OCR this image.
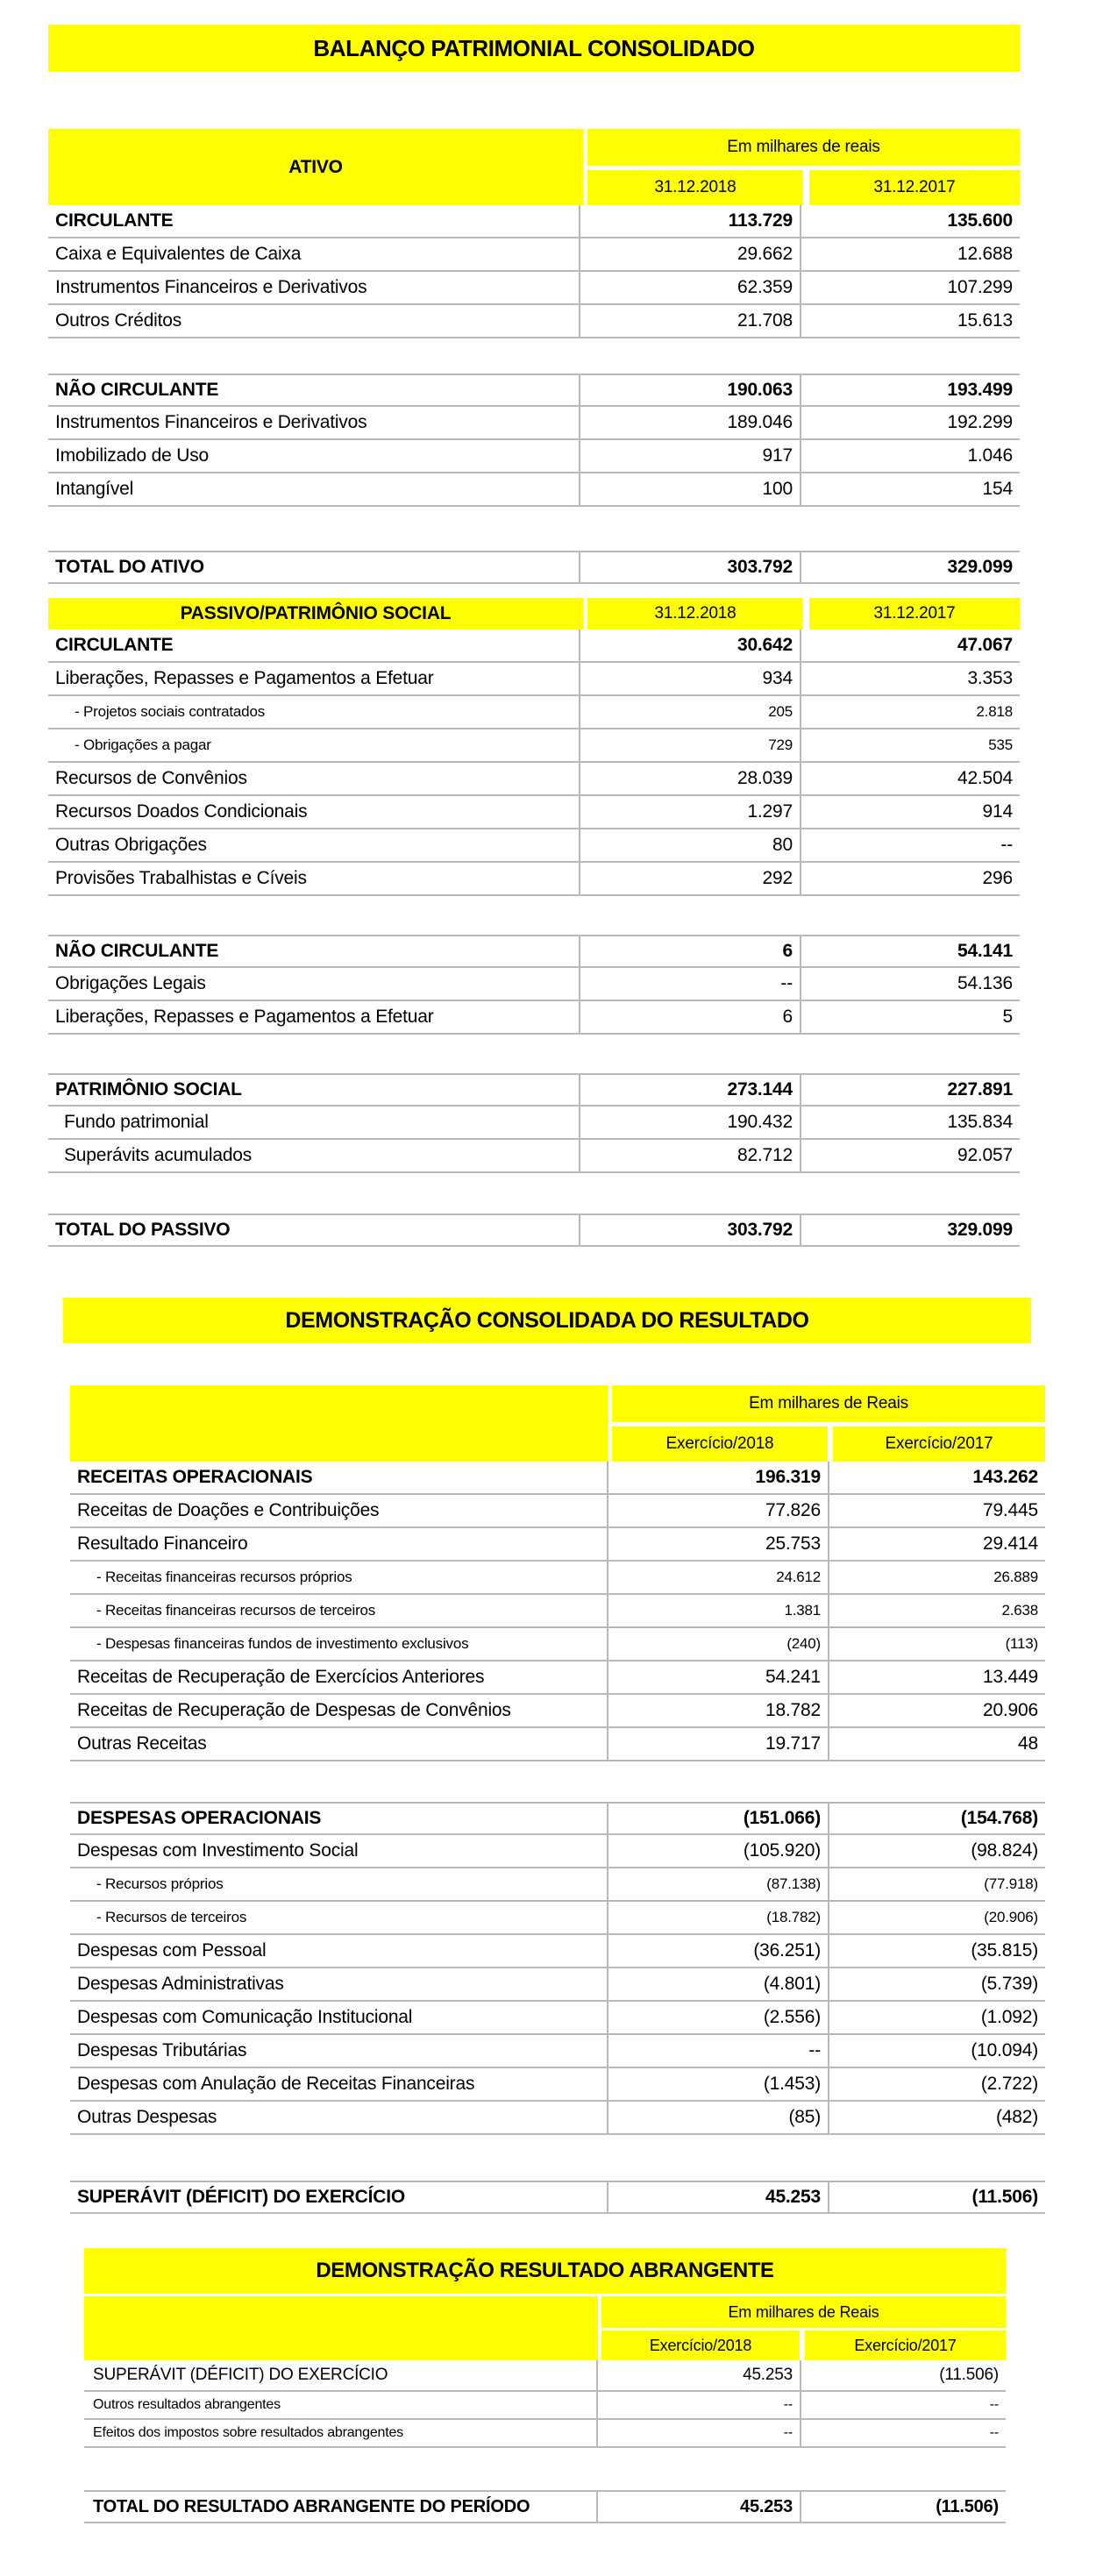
BALANÇO PATRIMONIAL CONSOLIDADO
ATIVO
Em milhares de reais
31.12.2018	31.12.2017
CIRCULANTE	113.729	135.600
Caixa e Equivalentes de Caixa	29.662	12.688
Instrumentos Financeiros e Derivativos	62.359	107.299
Outros Créditos	21.708	15.613
NÃO CIRCULANTE	190.063	193.499
Instrumentos Financeiros e Derivativos	189.046	192.299
Imobilizado de Uso	917	1.046
Intangível	100	154
TOTAL DO ATIVO	303.792	329.099
PASSIVO/PATRIMÔNIO SOCIAL	31.12.2018	31.12.2017
CIRCULANTE	30.642	47.067
Liberações, Repasses e Pagamentos a Efetuar	934	3.353
- Projetos sociais contratados	205	2.818
- Obrigações a pagar	729	535
Recursos de Convênios	28.039	42.504
Recursos Doados Condicionais	1.297	914
Outras Obrigações	80	--
Provisões Trabalhistas e Cíveis	292	296
NÃO CIRCULANTE	6	54.141
Obrigações Legais	--	54.136
Liberações, Repasses e Pagamentos a Efetuar	6	5
PATRIMÔNIO SOCIAL	273.144	227.891
Fundo patrimonial	190.432	135.834
Superávits acumulados	82.712	92.057
TOTAL DO PASSIVO	303.792	329.099
DEMONSTRAÇÃO CONSOLIDADA DO RESULTADO
Em milhares de Reais
Exercício/2018	Exercício/2017
RECEITAS OPERACIONAIS	196.319	143.262
Receitas de Doações e Contribuições	77.826	79.445
Resultado Financeiro	25.753	29.414
- Receitas financeiras recursos próprios	24.612	26.889
- Receitas financeiras recursos de terceiros	1.381	2.638
- Despesas financeiras fundos de investimento exclusivos	(240)	(113)
Receitas de Recuperação de Exercícios Anteriores	54.241	13.449
Receitas de Recuperação de Despesas de Convênios	18.782	20.906
Outras Receitas	19.717	48
DESPESAS OPERACIONAIS	(151.066)	(154.768)
Despesas com Investimento Social	(105.920)	(98.824)
- Recursos próprios	(87.138)	(77.918)
- Recursos de terceiros	(18.782)	(20.906)
Despesas com Pessoal	(36.251)	(35.815)
Despesas Administrativas	(4.801)	(5.739)
Despesas com Comunicação Institucional	(2.556)	(1.092)
Despesas Tributárias	--	(10.094)
Despesas com Anulação de Receitas Financeiras	(1.453)	(2.722)
Outras Despesas	(85)	(482)
SUPERÁVIT (DÉFICIT) DO EXERCÍCIO	45.253	(11.506)
DEMONSTRAÇÃO RESULTADO ABRANGENTE
Em milhares de Reais
Exercício/2018	Exercício/2017
SUPERÁVIT (DÉFICIT) DO EXERCÍCIO	45.253	(11.506)
Outros resultados abrangentes	--	--
Efeitos dos impostos sobre resultados abrangentes	--	--
TOTAL DO RESULTADO ABRANGENTE DO PERÍODO	45.253	(11.506)
